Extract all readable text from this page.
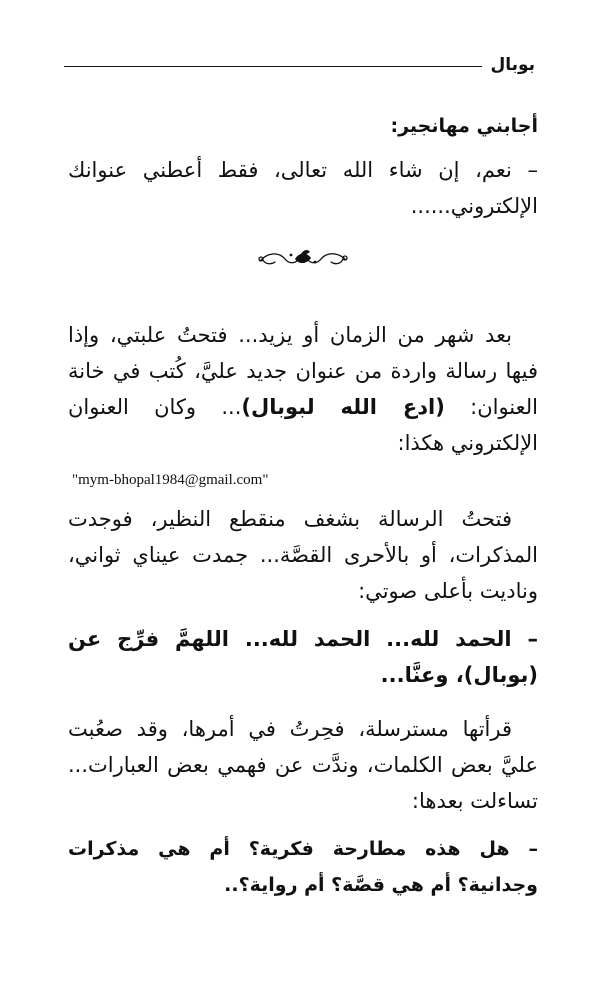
بوبال

أجابني مهانجير:

– نعم، إن شاء الله تعالى، فقط أعطني عنوانك الإلكتروني......

بعد شهر من الزمان أو يزيد... فتحتُ علبتي، وإذا فيها رسالة واردة من عنوان جديد عليَّ، كُتب في خانة العنوان: (ادع الله لبوبال)... وكان العنوان الإلكتروني هكذا:

"mym-bhopal1984@gmail.com"

فتحتُ الرسالة بشغف منقطع النظير، فوجدت المذكرات، أو بالأحرى القصَّة... جمدت عيناي ثواني، وناديت بأعلى صوتي:

– الحمد لله... الحمد لله... اللهمَّ فرِّج عن (بوبال)، وعنَّا...

قرأتها مسترسلة، فحِرتُ في أمرها، وقد صعُبت عليَّ بعض الكلمات، وندَّت عن فهمي بعض العبارات... تساءلت بعدها:

– هل هذه مطارحة فكرية؟ أم هي مذكرات وجدانية؟ أم هي قصَّة؟ أم رواية؟..
